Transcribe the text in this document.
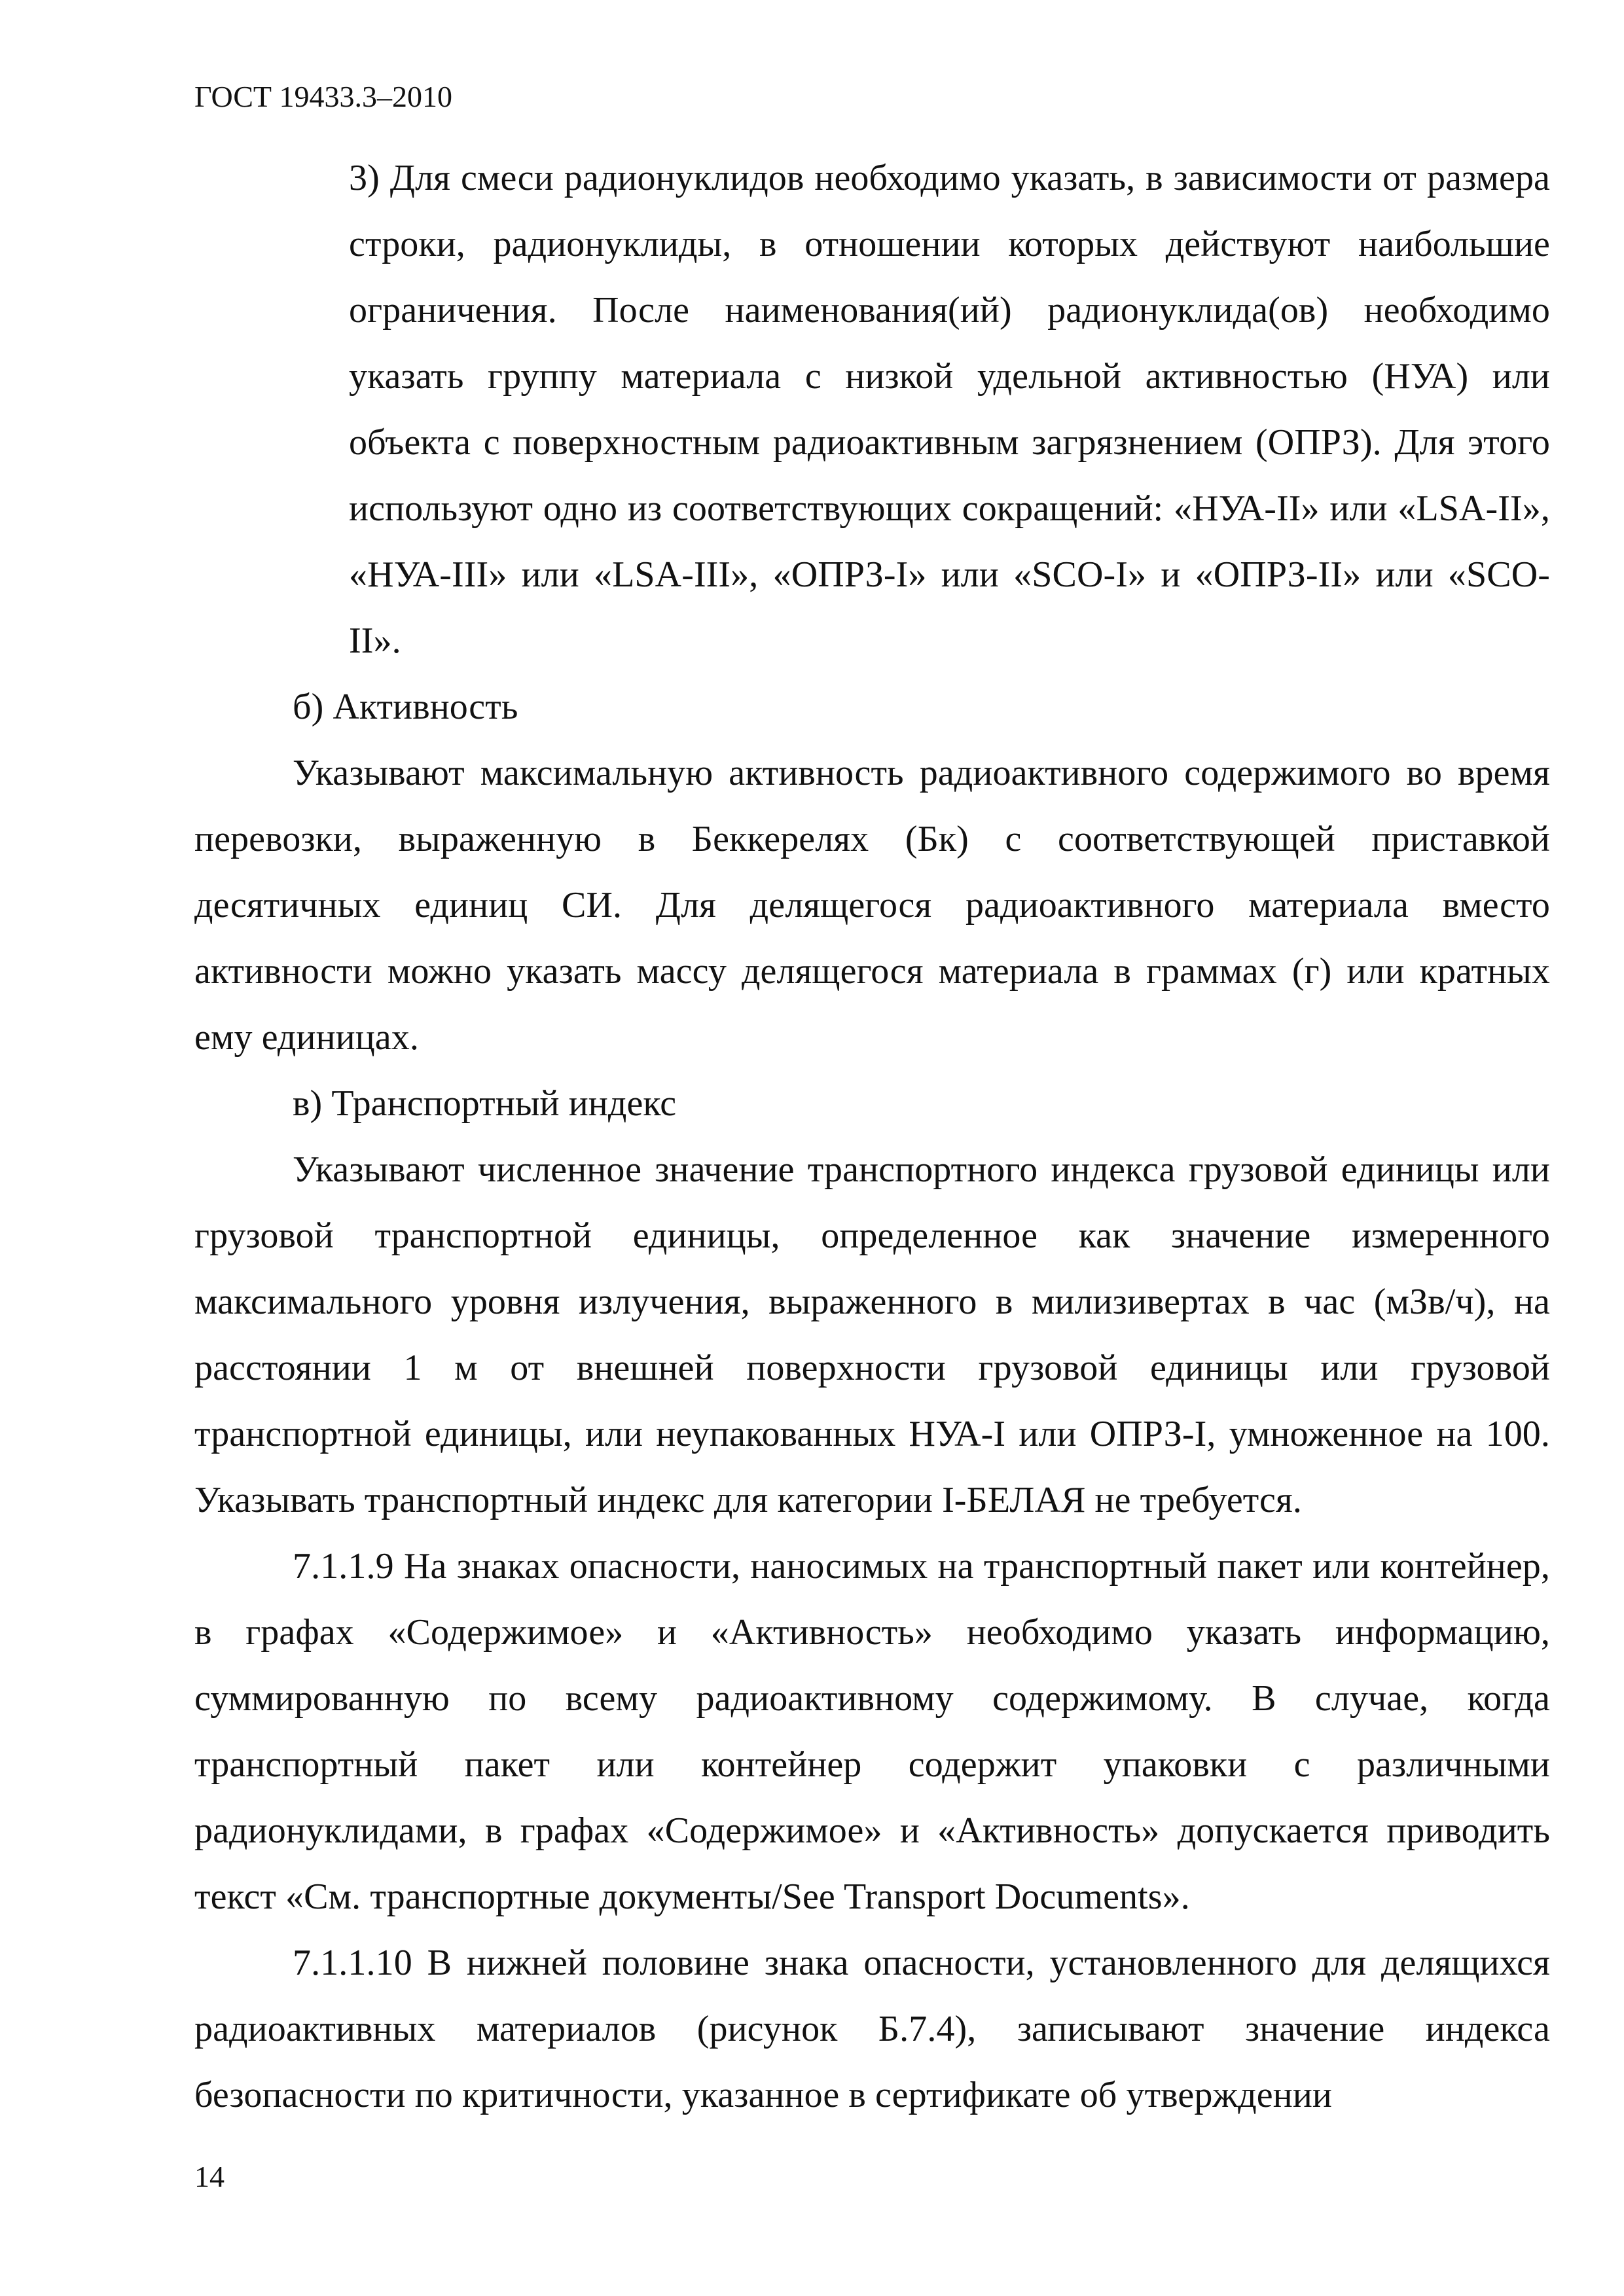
ГОСТ 19433.3–2010

3) Для смеси радионуклидов необходимо указать, в зависимости от размера строки, радионуклиды, в отношении которых действуют наибольшие ограничения. После наименования(ий) радионуклида(ов) необходимо указать группу материала с низкой удельной активностью (НУА) или объекта с поверхностным радиоактивным загрязнением (ОПРЗ). Для этого используют одно из соответствующих сокращений: «НУА-II» или «LSA-II», «НУА-III» или «LSA-III», «ОПРЗ-I» или «SCO-I» и «ОПРЗ-II» или «SCO-II».

б) Активность

Указывают максимальную активность радиоактивного содержимого во время перевозки, выраженную в Беккерелях (Бк) с соответствующей приставкой десятичных единиц СИ. Для делящегося радиоактивного материала вместо активности можно указать массу делящегося материала в граммах (г) или кратных ему единицах.

в) Транспортный индекс

Указывают численное значение транспортного индекса грузовой единицы или грузовой транспортной единицы, определенное как значение измеренного максимального уровня излучения, выраженного в милизивертах в час (мЗв/ч), на расстоянии 1 м от внешней поверхности грузовой единицы или грузовой транспортной единицы, или неупакованных НУА-I или ОПРЗ-I, умноженное на 100. Указывать транспортный индекс для категории I-БЕЛАЯ не требуется.

7.1.1.9 На знаках опасности, наносимых на транспортный пакет или контейнер, в графах «Содержимое» и «Активность» необходимо указать информацию, суммированную по всему радиоактивному содержимому. В случае, когда транспортный пакет или контейнер содержит упаковки с различными радионуклидами, в графах «Содержимое» и «Активность» допускается приводить текст «См. транспортные документы/See Transport Documents».

7.1.1.10 В нижней половине знака опасности, установленного для делящихся радиоактивных материалов (рисунок Б.7.4), записывают значение индекса безопасности по критичности, указанное в сертификате об утверждении

14
